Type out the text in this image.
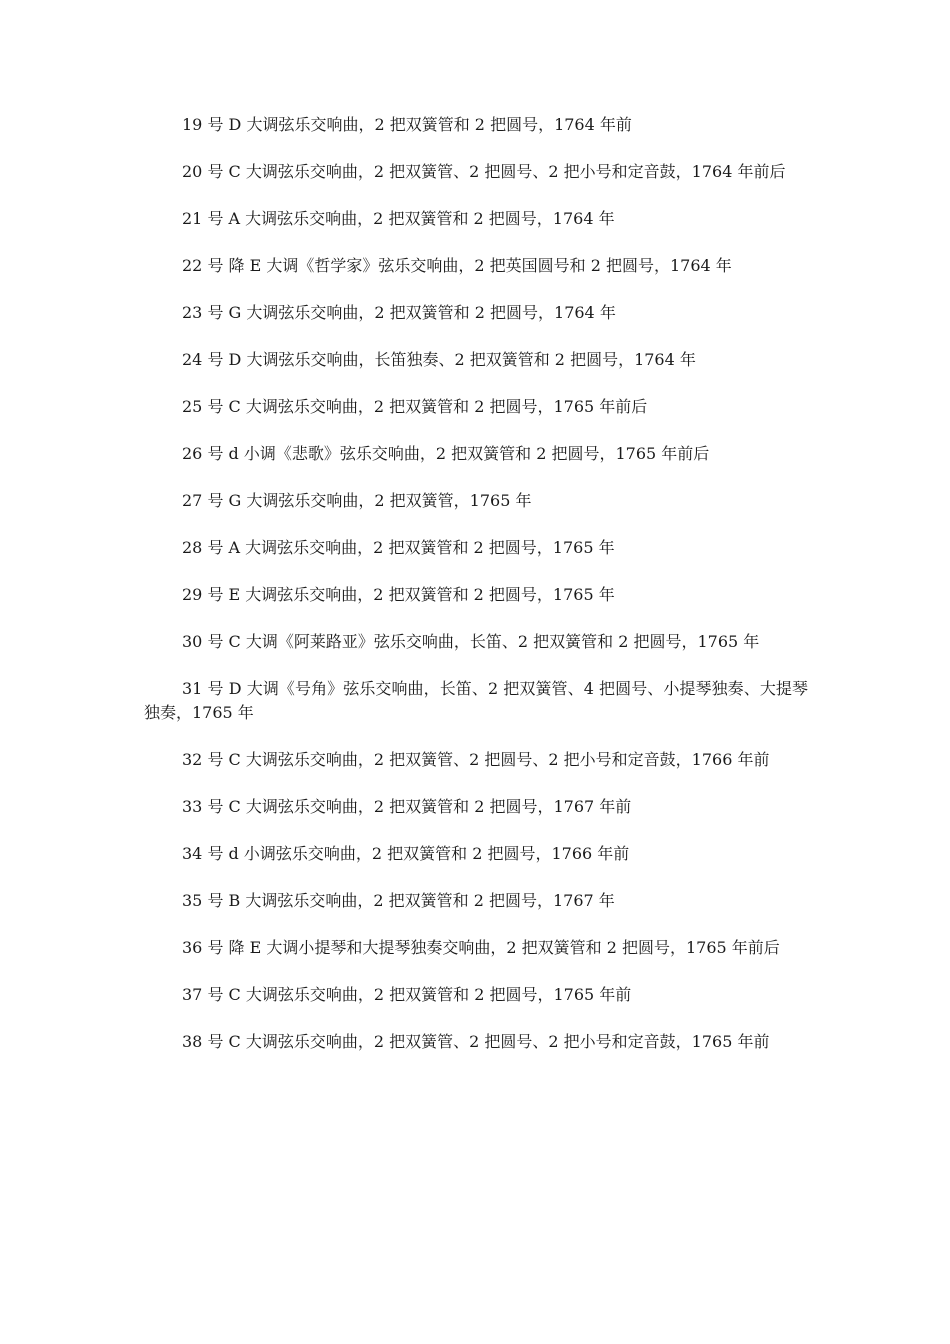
19 号 D 大调弦乐交响曲，2 把双簧管和 2 把圆号，1764 年前

20 号 C 大调弦乐交响曲，2 把双簧管、2 把圆号、2 把小号和定音鼓，1764 年前后

21 号 A 大调弦乐交响曲，2 把双簧管和 2 把圆号，1764 年

22 号 降 E 大调《哲学家》弦乐交响曲，2 把英国圆号和 2 把圆号，1764 年

23 号 G 大调弦乐交响曲，2 把双簧管和 2 把圆号，1764 年

24 号 D 大调弦乐交响曲，长笛独奏、2 把双簧管和 2 把圆号，1764 年

25 号 C 大调弦乐交响曲，2 把双簧管和 2 把圆号，1765 年前后

26 号 d 小调《悲歌》弦乐交响曲，2 把双簧管和 2 把圆号，1765 年前后

27 号 G 大调弦乐交响曲，2 把双簧管，1765 年

28 号 A 大调弦乐交响曲，2 把双簧管和 2 把圆号，1765 年

29 号 E 大调弦乐交响曲，2 把双簧管和 2 把圆号，1765 年

30 号 C 大调《阿莱路亚》弦乐交响曲，长笛、2 把双簧管和 2 把圆号，1765 年

31 号 D 大调《号角》弦乐交响曲，长笛、2 把双簧管、4 把圆号、小提琴独奏、大提琴独奏，1765 年

32 号 C 大调弦乐交响曲，2 把双簧管、2 把圆号、2 把小号和定音鼓，1766 年前

33 号 C 大调弦乐交响曲，2 把双簧管和 2 把圆号，1767 年前

34 号 d 小调弦乐交响曲，2 把双簧管和 2 把圆号，1766 年前

35 号 B 大调弦乐交响曲，2 把双簧管和 2 把圆号，1767 年

36 号 降 E 大调小提琴和大提琴独奏交响曲，2 把双簧管和 2 把圆号，1765 年前后

37 号 C 大调弦乐交响曲，2 把双簧管和 2 把圆号，1765 年前

38 号 C 大调弦乐交响曲，2 把双簧管、2 把圆号、2 把小号和定音鼓，1765 年前
